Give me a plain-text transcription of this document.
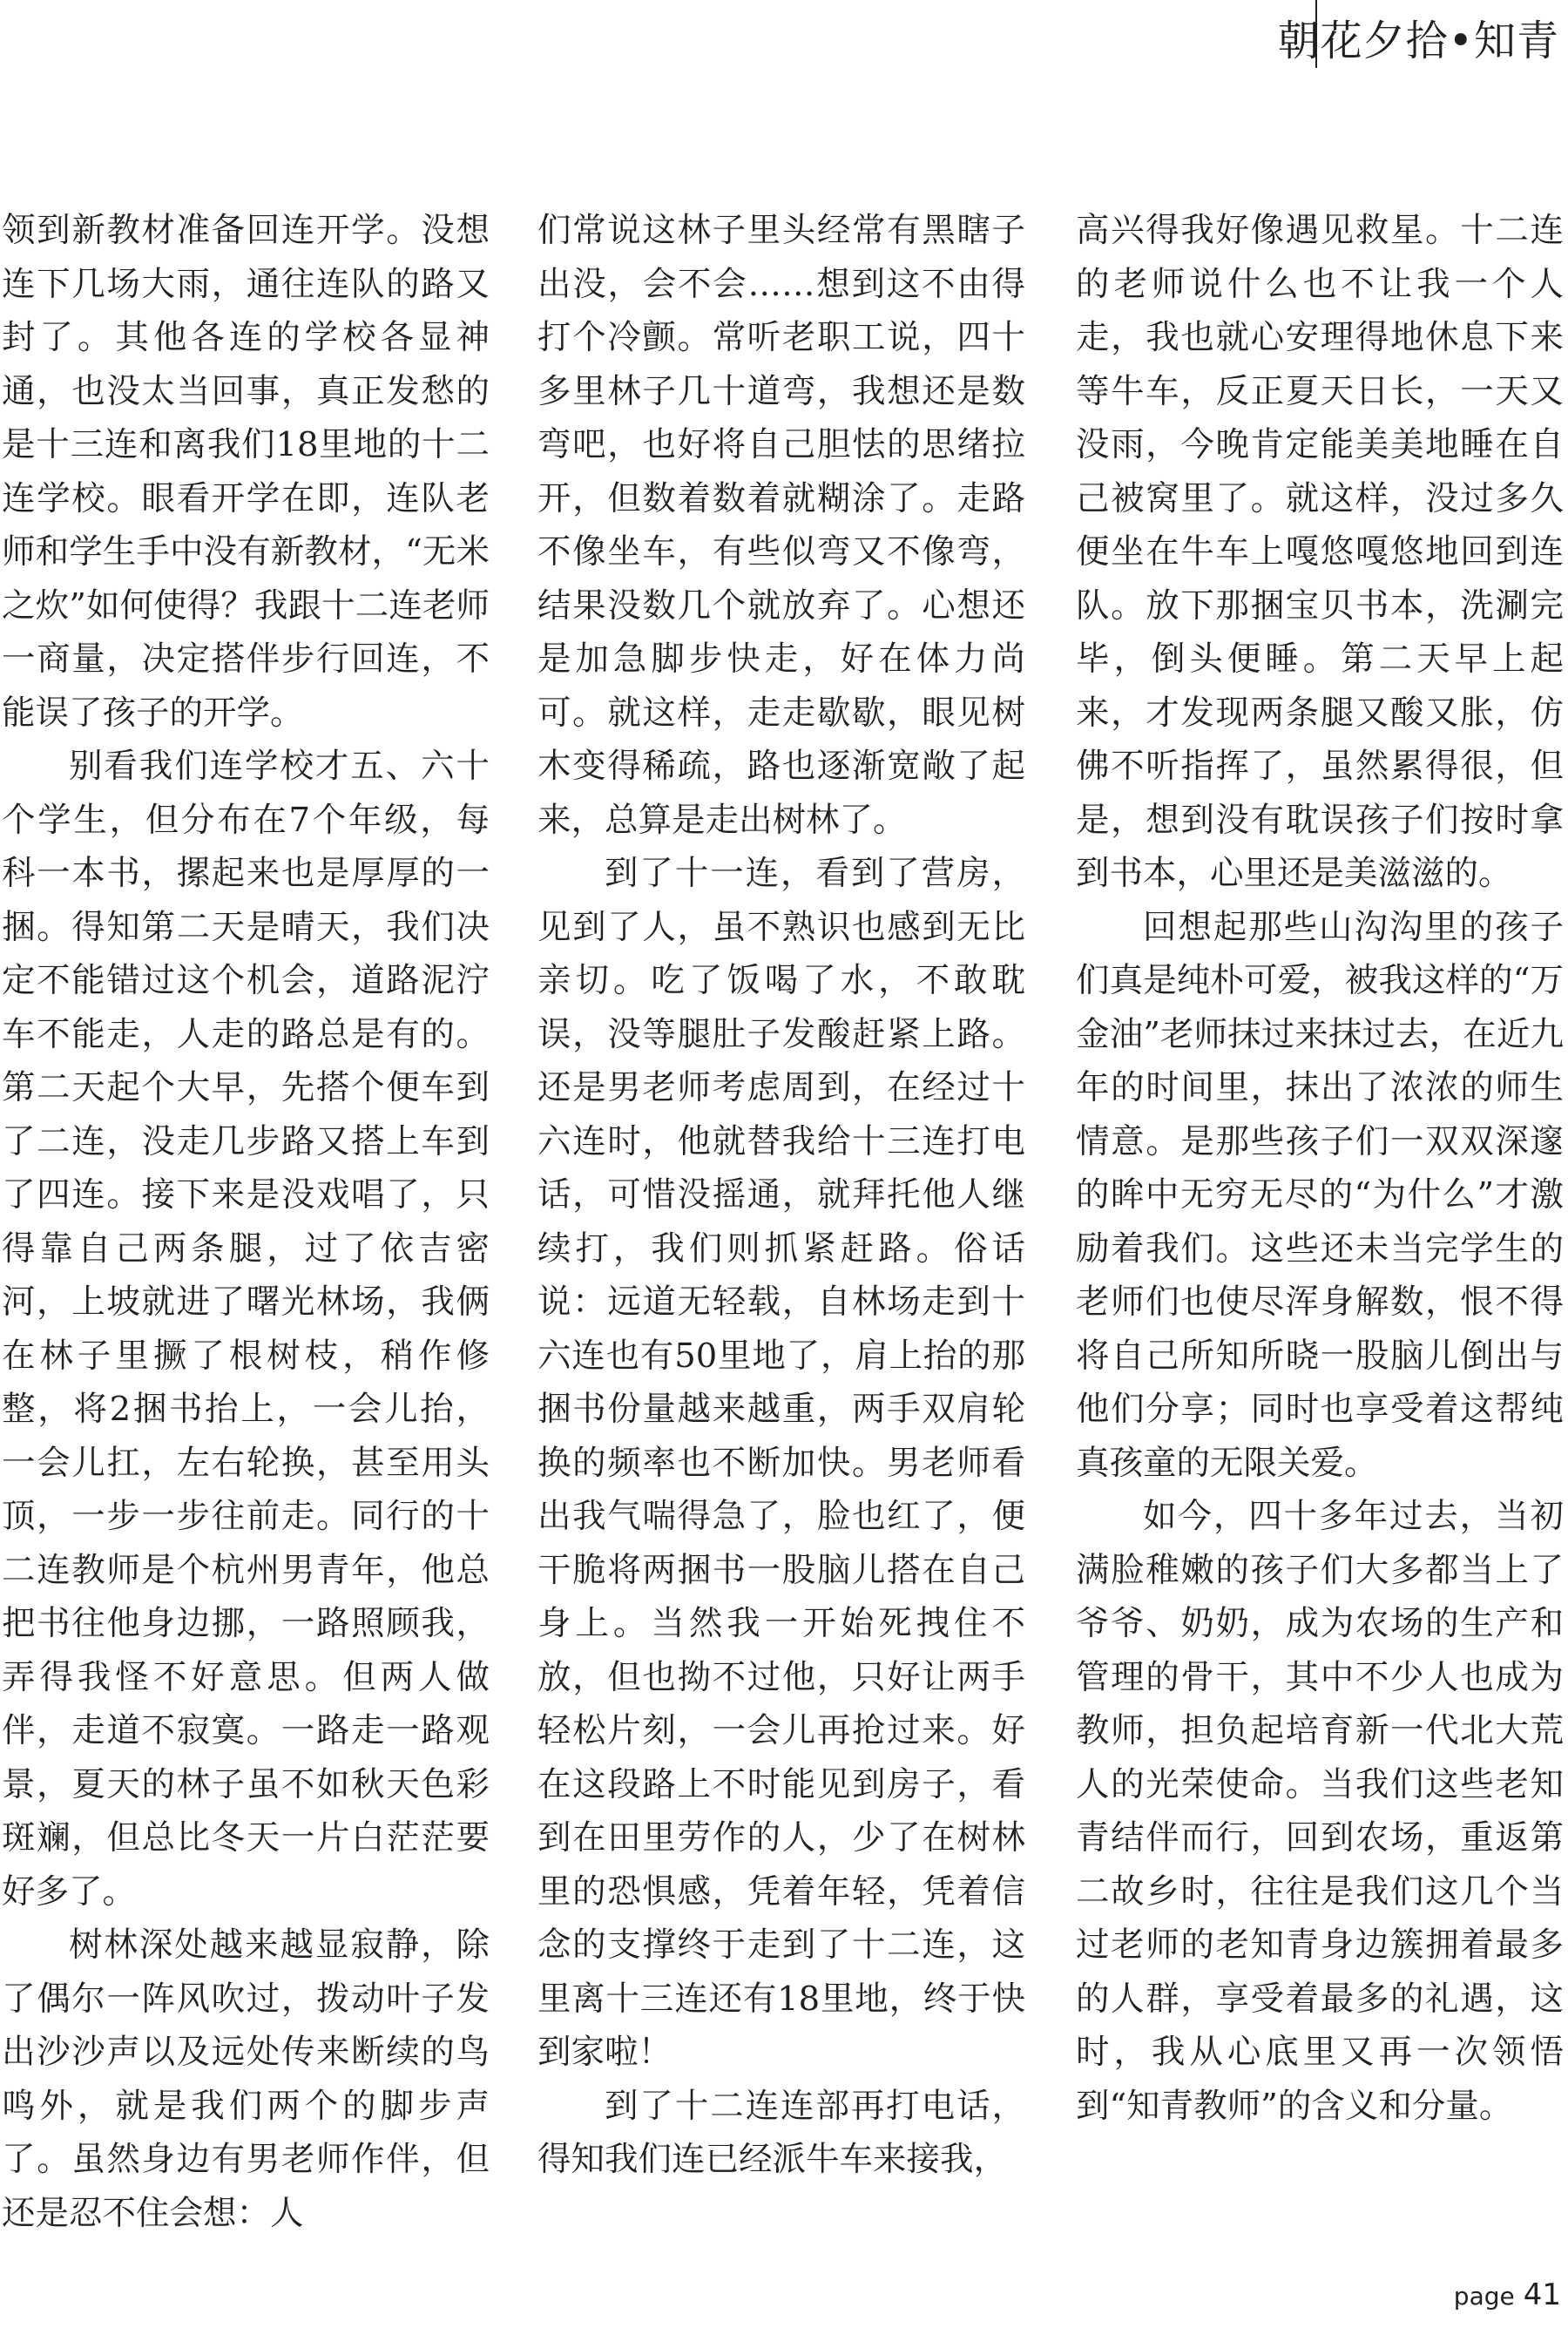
朝花夕拾•知青

领到新教材准备回连开学。没想连下几场大雨，通往连队的路又封了。其他各连的学校各显神通，也没太当回事，真正发愁的是十三连和离我们18里地的十二连学校。眼看开学在即，连队老师和学生手中没有新教材，“无米之炊”如何使得？我跟十二连老师一商量，决定搭伴步行回连，不能误了孩子的开学。

别看我们连学校才五、六十个学生，但分布在7个年级，每科一本书，摞起来也是厚厚的一捆。得知第二天是晴天，我们决定不能错过这个机会，道路泥泞车不能走，人走的路总是有的。第二天起个大早，先搭个便车到了二连，没走几步路又搭上车到了四连。接下来是没戏唱了，只得靠自己两条腿，过了依吉密河，上坡就进了曙光林场，我俩在林子里撅了根树枝，稍作修整，将2捆书抬上，一会儿抬，一会儿扛，左右轮换，甚至用头顶，一步一步往前走。同行的十二连教师是个杭州男青年，他总把书往他身边挪，一路照顾我，弄得我怪不好意思。但两人做伴，走道不寂寞。一路走一路观景，夏天的林子虽不如秋天色彩斑斓，但总比冬天一片白茫茫要好多了。

树林深处越来越显寂静，除了偶尔一阵风吹过，拨动叶子发出沙沙声以及远处传来断续的鸟鸣外，就是我们两个的脚步声了。虽然身边有男老师作伴，但还是忍不住会想：人

们常说这林子里头经常有黑瞎子出没，会不会……想到这不由得打个冷颤。常听老职工说，四十多里林子几十道弯，我想还是数弯吧，也好将自己胆怯的思绪拉开，但数着数着就糊涂了。走路不像坐车，有些似弯又不像弯，结果没数几个就放弃了。心想还是加急脚步快走，好在体力尚可。就这样，走走歇歇，眼见树木变得稀疏，路也逐渐宽敞了起来，总算是走出树林了。

到了十一连，看到了营房，见到了人，虽不熟识也感到无比亲切。吃了饭喝了水，不敢耽误，没等腿肚子发酸赶紧上路。还是男老师考虑周到，在经过十六连时，他就替我给十三连打电话，可惜没摇通，就拜托他人继续打，我们则抓紧赶路。俗话说：远道无轻载，自林场走到十六连也有50里地了，肩上抬的那捆书份量越来越重，两手双肩轮换的频率也不断加快。男老师看出我气喘得急了，脸也红了，便干脆将两捆书一股脑儿搭在自己身上。当然我一开始死拽住不放，但也拗不过他，只好让两手轻松片刻，一会儿再抢过来。好在这段路上不时能见到房子，看到在田里劳作的人，少了在树林里的恐惧感，凭着年轻，凭着信念的支撑终于走到了十二连，这里离十三连还有18里地，终于快到家啦！

到了十二连连部再打电话，得知我们连已经派牛车来接我，

高兴得我好像遇见救星。十二连的老师说什么也不让我一个人走，我也就心安理得地休息下来等牛车，反正夏天日长，一天又没雨，今晚肯定能美美地睡在自己被窝里了。就这样，没过多久便坐在牛车上嘎悠嘎悠地回到连队。放下那捆宝贝书本，洗涮完毕，倒头便睡。第二天早上起来，才发现两条腿又酸又胀，仿佛不听指挥了，虽然累得很，但是，想到没有耽误孩子们按时拿到书本，心里还是美滋滋的。

回想起那些山沟沟里的孩子们真是纯朴可爱，被我这样的“万金油”老师抹过来抹过去，在近九年的时间里，抹出了浓浓的师生情意。是那些孩子们一双双深邃的眸中无穷无尽的“为什么”才激励着我们。这些还未当完学生的老师们也使尽浑身解数，恨不得将自己所知所晓一股脑儿倒出与他们分享；同时也享受着这帮纯真孩童的无限关爱。

如今，四十多年过去，当初满脸稚嫩的孩子们大多都当上了爷爷、奶奶，成为农场的生产和管理的骨干，其中不少人也成为教师，担负起培育新一代北大荒人的光荣使命。当我们这些老知青结伴而行，回到农场，重返第二故乡时，往往是我们这几个当过老师的老知青身边簇拥着最多的人群，享受着最多的礼遇，这时，我从心底里又再一次领悟到“知青教师”的含义和分量。

page 41
